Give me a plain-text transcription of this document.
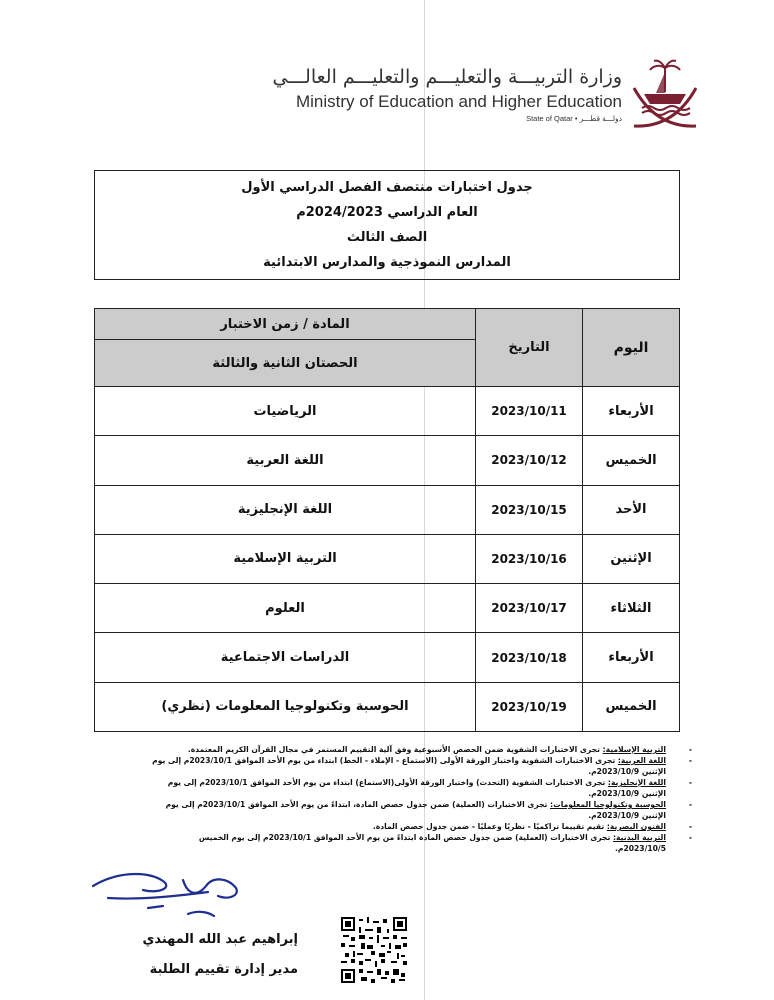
وزارة التربيـــة والتعليـــم والتعليـــم العالـــي
Ministry of Education and Higher Education
State of Qatar • دولـــة قطـــر
جدول اختبارات منتصف الفصل الدراسي الأول
العام الدراسي 2024/2023م
الصف الثالث
المدارس النموذجية والمدارس الابتدائية
اليوم	التاريخ	المادة / زمن الاختبار
		الحصتان الثانية والثالثة
الأربعاء	2023/10/11	الرياضيات
الخميس	2023/10/12	اللغة العربية
الأحد	2023/10/15	اللغة الإنجليزية
الإثنين	2023/10/16	التربية الإسلامية
الثلاثاء	2023/10/17	العلوم
الأربعاء	2023/10/18	الدراسات الاجتماعية
الخميس	2023/10/19	الحوسبة وتكنولوجيا المعلومات (نظري)
- التربية الإسلامية: تجرى الاختبارات الشفوية ضمن الحصص الأسبوعية وفق آلية التقييم المستمر في مجال القرآن الكريم المعتمدة.
- اللغة العربية: تجرى الاختبارات الشفوية واختبار الورقة الأولى (الاستماع - الإملاء - الخط) ابتداء من يوم الأحد الموافق 2023/10/1م إلى يوم الإثنين 2023/10/9م.
- اللغة الإنجليزية: تجرى الاختبارات الشفوية (التحدث) واختبار الورقة الأولى(الاستماع) ابتداء من يوم الأحد الموافق 2023/10/1م إلى يوم الإثنين 2023/10/9م.
- الحوسبة وتكنولوجيا المعلومات: تجرى الاختبارات (العملية) ضمن جدول حصص المادة، ابتداءً من يوم الأحد الموافق 2023/10/1م إلى يوم الإثنين 2023/10/9م.
- الفنون البصرية: تقيم تقييما تراكميًا - نظريًا وعمليًا - ضمن جدول حصص المادة.
- التربية البدنية: تجرى الاختبارات (العملية) ضمن جدول حصص المادة ابتداءً من يوم الأحد الموافق 2023/10/1م إلى يوم الخميس 2023/10/5م.
إبراهيم عبد الله المهندي
مدير إدارة تقييم الطلبة
